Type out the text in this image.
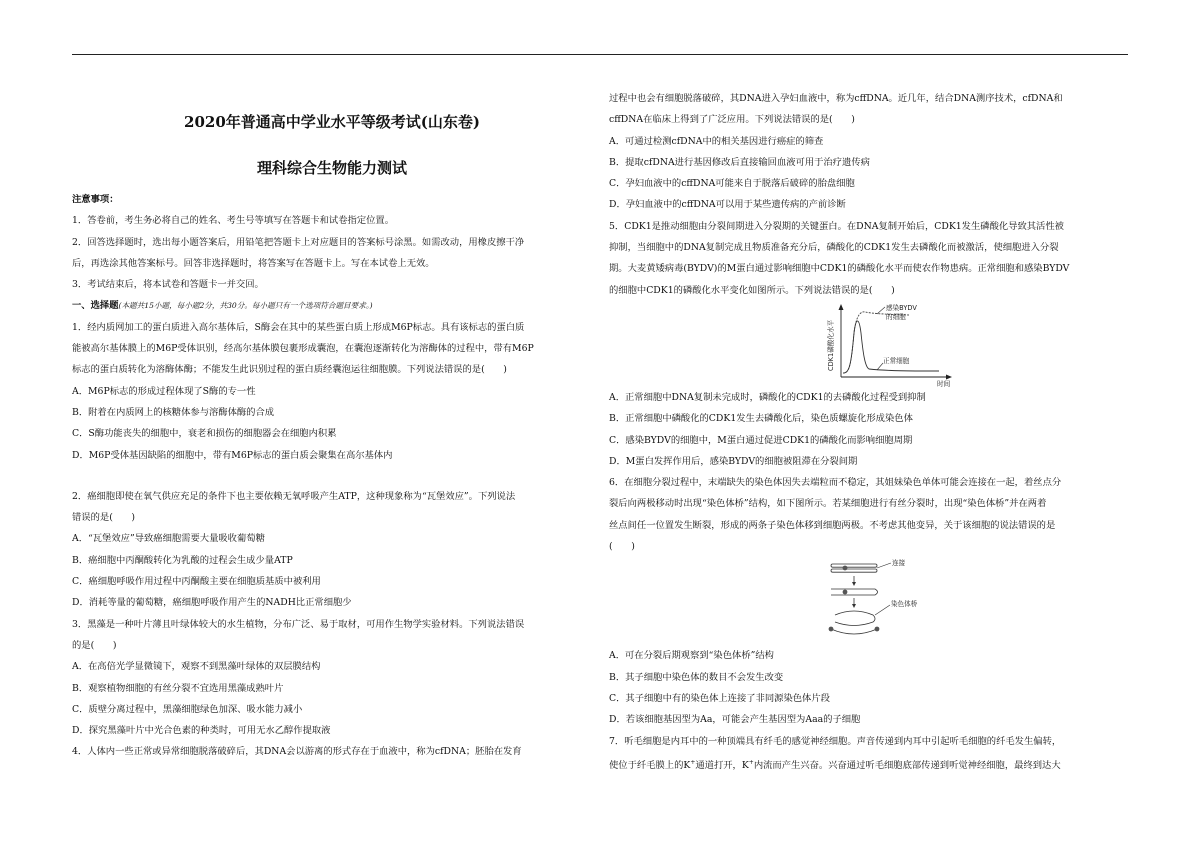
2020年普通高中学业水平等级考试(山东卷)
理科综合生物能力测试
注意事项：
1．答卷前，考生务必将自己的姓名、考生号等填写在答题卡和试卷指定位置。
2．回答选择题时，选出每小题答案后，用铅笔把答题卡上对应题目的答案标号涂黑。如需改动，用橡皮擦干净
后，再选涂其他答案标号。回答非选择题时，将答案写在答题卡上。写在本试卷上无效。
3．考试结束后，将本试卷和答题卡一并交回。
一、选择题(本题共15小题，每小题2分，共30分。每小题只有一个选项符合题目要求。)
1．经内质网加工的蛋白质进入高尔基体后，S酶会在其中的某些蛋白质上形成M6P标志。具有该标志的蛋白质
能被高尔基体膜上的M6P受体识别，经高尔基体膜包裹形成囊泡，在囊泡逐渐转化为溶酶体的过程中，带有M6P
标志的蛋白质转化为溶酶体酶；不能发生此识别过程的蛋白质经囊泡运往细胞膜。下列说法错误的是(　　)
A．M6P标志的形成过程体现了S酶的专一性
B．附着在内质网上的核糖体参与溶酶体酶的合成
C．S酶功能丧失的细胞中，衰老和损伤的细胞器会在细胞内积累
D．M6P受体基因缺陷的细胞中，带有M6P标志的蛋白质会聚集在高尔基体内
2．癌细胞即使在氧气供应充足的条件下也主要依赖无氧呼吸产生ATP，这种现象称为“瓦堡效应”。下列说法
错误的是(　　)
A．“瓦堡效应”导致癌细胞需要大量吸收葡萄糖
B．癌细胞中丙酮酸转化为乳酸的过程会生成少量ATP
C．癌细胞呼吸作用过程中丙酮酸主要在细胞质基质中被利用
D．消耗等量的葡萄糖，癌细胞呼吸作用产生的NADH比正常细胞少
3．黑藻是一种叶片薄且叶绿体较大的水生植物，分布广泛、易于取材，可用作生物学实验材料。下列说法错误
的是(　　)
A．在高倍光学显微镜下，观察不到黑藻叶绿体的双层膜结构
B．观察植物细胞的有丝分裂不宜选用黑藻成熟叶片
C．质壁分离过程中，黑藻细胞绿色加深、吸水能力减小
D．探究黑藻叶片中光合色素的种类时，可用无水乙醇作提取液
4．人体内一些正常或异常细胞脱落破碎后，其DNA会以游离的形式存在于血液中，称为cfDNA；胚胎在发育
过程中也会有细胞脱落破碎，其DNA进入孕妇血液中，称为cffDNA。近几年，结合DNA测序技术，cfDNA和
cffDNA在临床上得到了广泛应用。下列说法错误的是(　　)
A．可通过检测cfDNA中的相关基因进行癌症的筛查
B．提取cfDNA进行基因修改后直接输回血液可用于治疗遗传病
C．孕妇血液中的cffDNA可能来自于脱落后破碎的胎盘细胞
D．孕妇血液中的cffDNA可以用于某些遗传病的产前诊断
5．CDK1是推动细胞由分裂间期进入分裂期的关键蛋白。在DNA复制开始后，CDK1发生磷酸化导致其活性被
抑制，当细胞中的DNA复制完成且物质准备充分后，磷酸化的CDK1发生去磷酸化而被激活，使细胞进入分裂
期。大麦黄矮病毒(BYDV)的M蛋白通过影响细胞中CDK1的磷酸化水平而使农作物患病。正常细胞和感染BYDV
的细胞中CDK1的磷酸化水平变化如图所示。下列说法错误的是(　　)
CDK1磷酸化水平
时间
感染BYDV
的细胞
正常细胞
A．正常细胞中DNA复制未完成时，磷酸化的CDK1的去磷酸化过程受到抑制
B．正常细胞中磷酸化的CDK1发生去磷酸化后，染色质螺旋化形成染色体
C．感染BYDV的细胞中，M蛋白通过促进CDK1的磷酸化而影响细胞周期
D．M蛋白发挥作用后，感染BYDV的细胞被阻滞在分裂间期
6．在细胞分裂过程中，末端缺失的染色体因失去端粒而不稳定，其姐妹染色单体可能会连接在一起，着丝点分
裂后向两极移动时出现“染色体桥”结构，如下图所示。若某细胞进行有丝分裂时，出现“染色体桥”并在两着
丝点间任一位置发生断裂，形成的两条子染色体移到细胞两极。不考虑其他变异，关于该细胞的说法错误的是
(　　)
连接
染色体桥
A．可在分裂后期观察到“染色体桥”结构
B．其子细胞中染色体的数目不会发生改变
C．其子细胞中有的染色体上连接了非同源染色体片段
D．若该细胞基因型为Aa，可能会产生基因型为Aaa的子细胞
7．听毛细胞是内耳中的一种顶端具有纤毛的感觉神经细胞。声音传递到内耳中引起听毛细胞的纤毛发生偏转，
使位于纤毛膜上的K+通道打开，K+内流而产生兴奋。兴奋通过听毛细胞底部传递到听觉神经细胞，最终到达大
